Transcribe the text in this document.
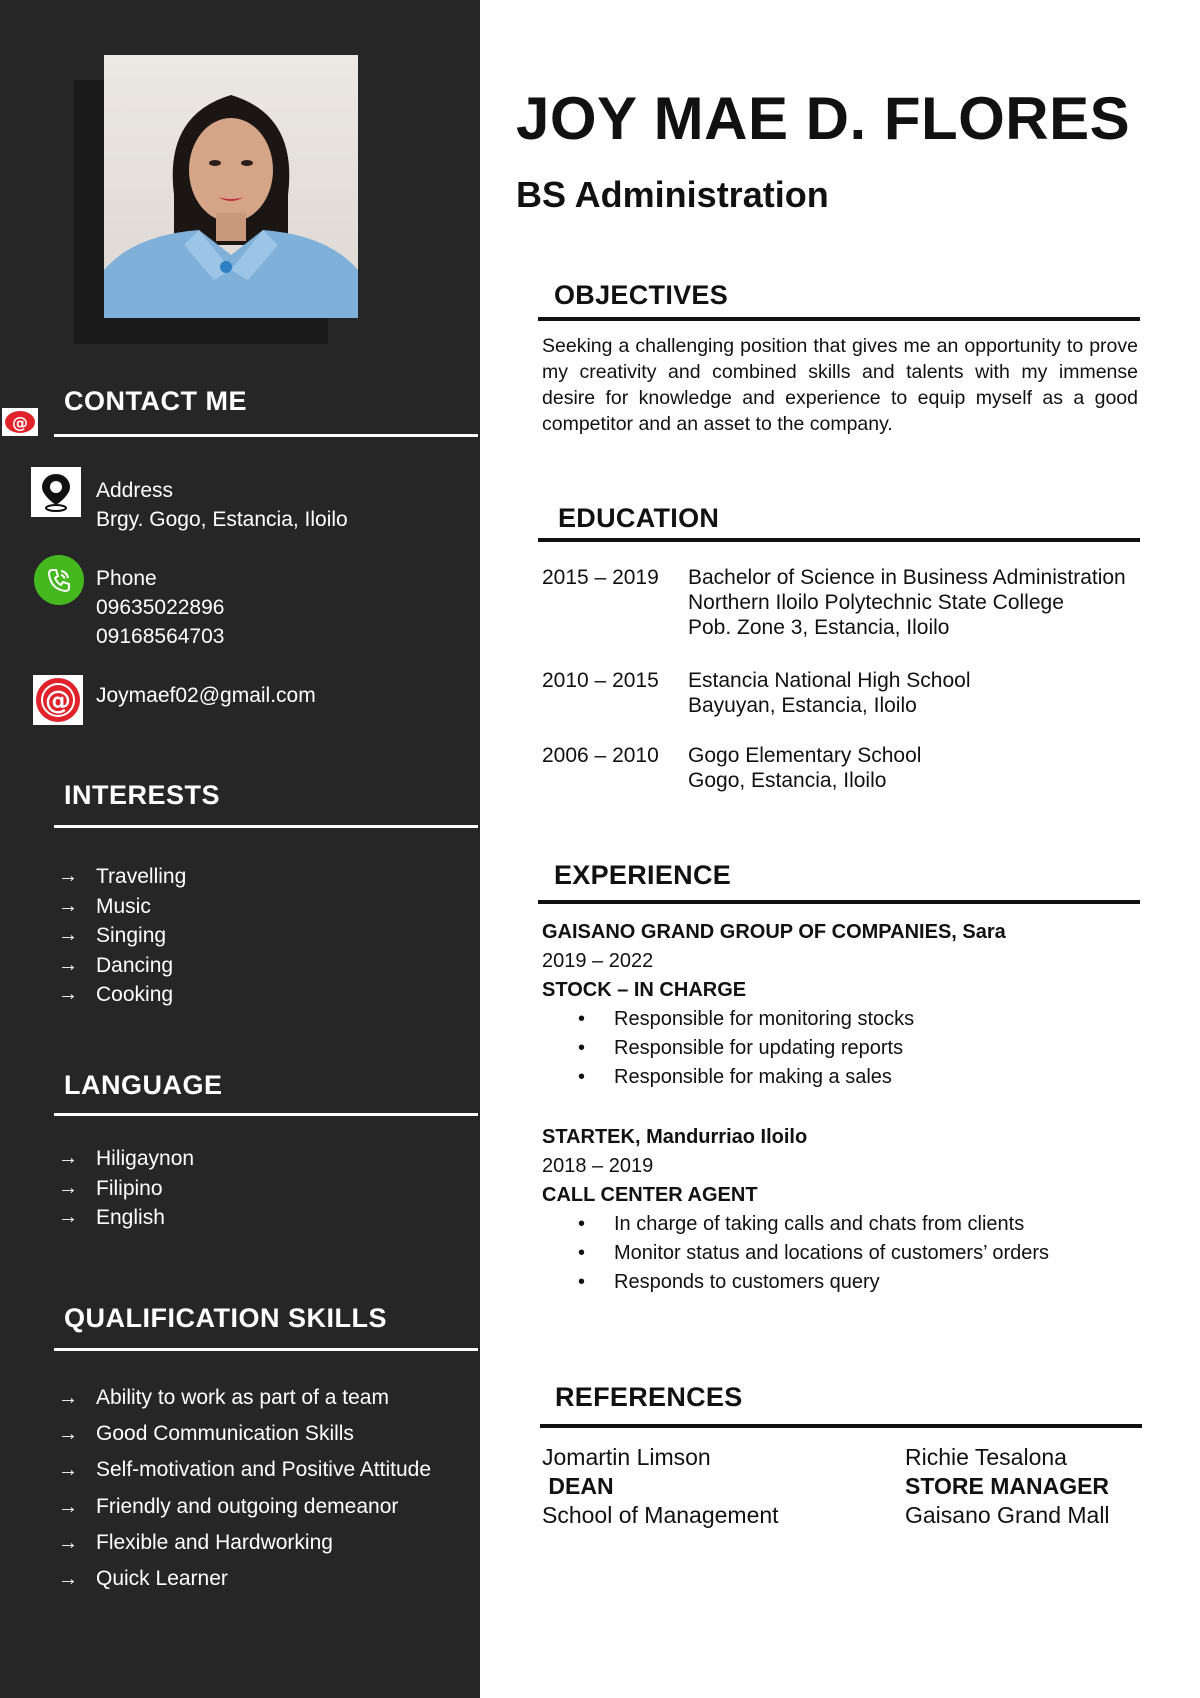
@
CONTACT ME
Address
Brgy. Gogo, Estancia, Iloilo
Phone
09635022896
09168564703
@ Joymaef02@gmail.com
INTERESTS
→ Travelling
→ Music
→ Singing
→ Dancing
→ Cooking
LANGUAGE
→ Hiligaynon
→ Filipino
→ English
QUALIFICATION SKILLS
→ Ability to work as part of a team
→ Good Communication Skills
→ Self-motivation and Positive Attitude
→ Friendly and outgoing demeanor
→ Flexible and Hardworking
→ Quick Learner
JOY MAE D. FLORES
BS Administration
OBJECTIVES

Seeking a challenging position that gives me an opportunity to prove my creativity and combined skills and talents with my immense desire for knowledge and experience to equip myself as a good competitor and an asset to the company.

EDUCATION
2015 – 2019	Bachelor of Science in Business Administration
Northern Iloilo Polytechnic State College
Pob. Zone 3, Estancia, Iloilo
2010 – 2015	Estancia National High School
Bayuyan, Estancia, Iloilo
2006 – 2010	Gogo Elementary School
Gogo, Estancia, Iloilo
EXPERIENCE
GAISANO GRAND GROUP OF COMPANIES, Sara
2019 – 2022
STOCK – IN CHARGE
• Responsible for monitoring stocks
• Responsible for updating reports
• Responsible for making a sales
STARTEK, Mandurriao Iloilo
2018 – 2019
CALL CENTER AGENT
• In charge of taking calls and chats from clients
• Monitor status and locations of customers’ orders
• Responds to customers query
REFERENCES
Jomartin Limson
DEAN
School of Management
Richie Tesalona
STORE MANAGER
Gaisano Grand Mall
